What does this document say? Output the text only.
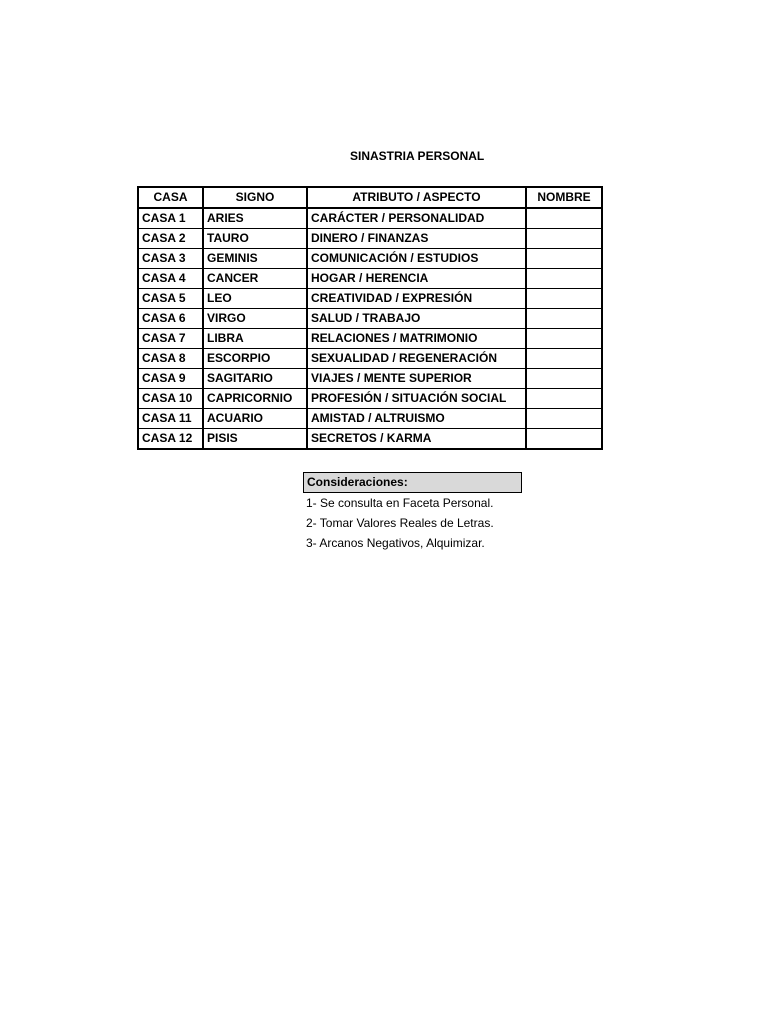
SINASTRIA PERSONAL
CASA	SIGNO	ATRIBUTO / ASPECTO	NOMBRE
CASA 1	ARIES	CARÁCTER / PERSONALIDAD	
CASA 2	TAURO	DINERO / FINANZAS	
CASA 3	GEMINIS	COMUNICACIÓN / ESTUDIOS	
CASA 4	CANCER	HOGAR / HERENCIA	
CASA 5	LEO	CREATIVIDAD / EXPRESIÓN	
CASA 6	VIRGO	SALUD / TRABAJO	
CASA 7	LIBRA	RELACIONES / MATRIMONIO	
CASA 8	ESCORPIO	SEXUALIDAD / REGENERACIÓN	
CASA 9	SAGITARIO	VIAJES / MENTE SUPERIOR	
CASA 10	CAPRICORNIO	PROFESIÓN / SITUACIÓN SOCIAL	
CASA 11	ACUARIO	AMISTAD / ALTRUISMO	
CASA 12	PISIS	SECRETOS / KARMA	
Consideraciones:
1- Se consulta en Faceta Personal.
2- Tomar Valores Reales de Letras.
3- Arcanos Negativos, Alquimizar.
